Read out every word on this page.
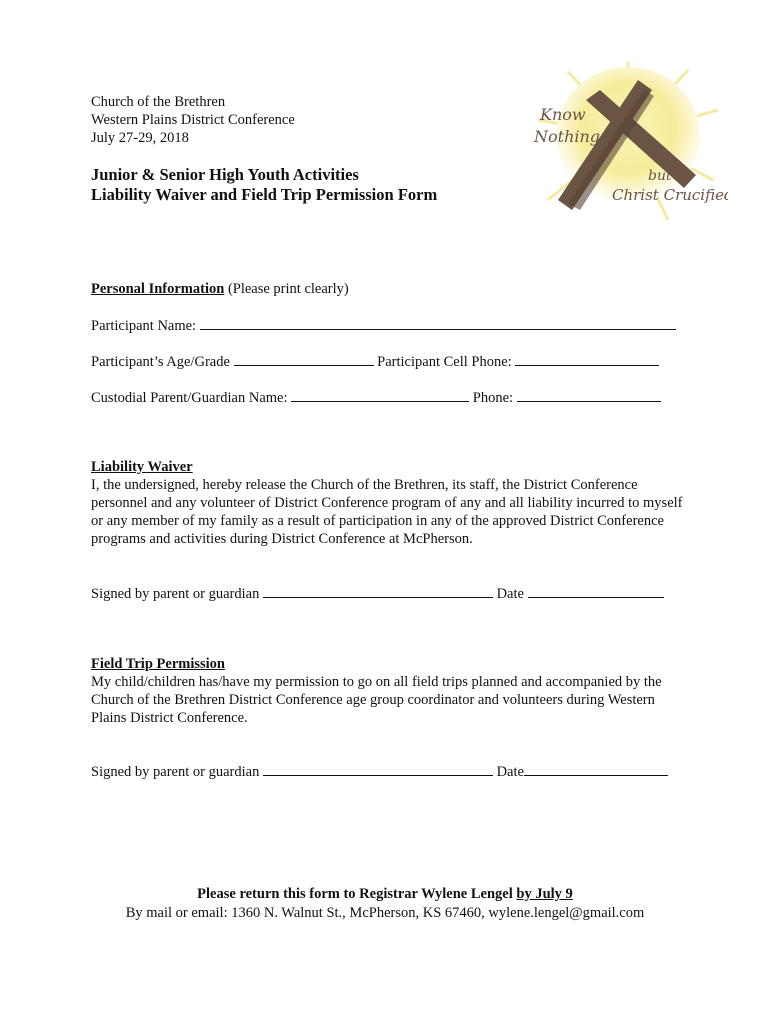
Church of the Brethren
Western Plains District Conference
July 27-29, 2018
Junior & Senior High Youth Activities
Liability Waiver and Field Trip Permission Form
Know
Nothing
but
Christ Crucified
Personal Information (Please print clearly)
Participant Name:
Participant’s Age/Grade	Participant Cell Phone:
Custodial Parent/Guardian Name:	Phone:
Liability Waiver
I, the undersigned, hereby release the Church of the Brethren, its staff, the District Conference personnel and any volunteer of District Conference program of any and all liability incurred to myself or any member of my family as a result of participation in any of the approved District Conference programs and activities during District Conference at McPherson.
Signed by parent or guardian	Date
Field Trip Permission
My child/children has/have my permission to go on all field trips planned and accompanied by the Church of the Brethren District Conference age group coordinator and volunteers during Western Plains District Conference.
Signed by parent or guardian	Date
Please return this form to Registrar Wylene Lengel by July 9
By mail or email: 1360 N. Walnut St., McPherson, KS 67460, wylene.lengel@gmail.com
